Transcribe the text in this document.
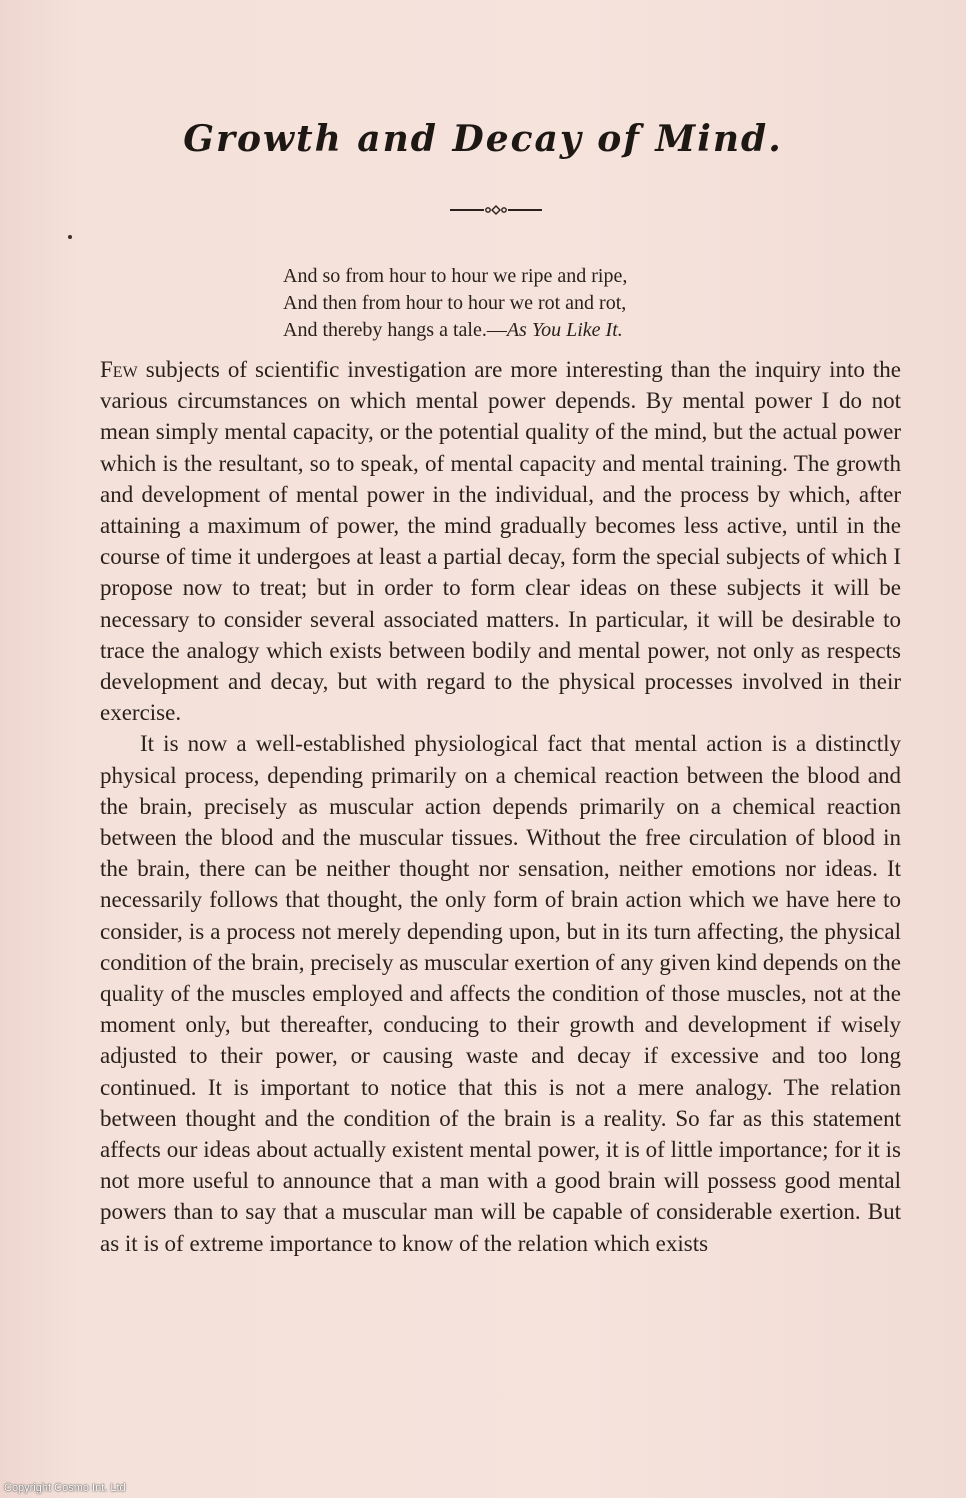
Growth and Decay of Mind.
And so from hour to hour we ripe and ripe,
And then from hour to hour we rot and rot,
And thereby hangs a tale.—As You Like It.

Few subjects of scientific investigation are more interesting than the inquiry into the various circumstances on which mental power depends. By mental power I do not mean simply mental capacity, or the potential quality of the mind, but the actual power which is the resultant, so to speak, of mental capacity and mental training. The growth and development of mental power in the individual, and the process by which, after attaining a maximum of power, the mind gradually becomes less active, until in the course of time it undergoes at least a partial decay, form the special subjects of which I propose now to treat; but in order to form clear ideas on these subjects it will be necessary to consider several associated matters. In particular, it will be desirable to trace the analogy which exists between bodily and mental power, not only as respects development and decay, but with regard to the physical processes involved in their exercise.

It is now a well-established physiological fact that mental action is a distinctly physical process, depending primarily on a chemical reaction between the blood and the brain, precisely as muscular action depends primarily on a chemical reaction between the blood and the muscular tissues. Without the free circulation of blood in the brain, there can be neither thought nor sensation, neither emotions nor ideas. It necessarily follows that thought, the only form of brain action which we have here to consider, is a process not merely depending upon, but in its turn affecting, the physical condition of the brain, precisely as muscular exertion of any given kind depends on the quality of the muscles employed and affects the condition of those muscles, not at the moment only, but thereafter, conducing to their growth and development if wisely adjusted to their power, or causing waste and decay if excessive and too long continued. It is important to notice that this is not a mere analogy. The relation between thought and the condition of the brain is a reality. So far as this statement affects our ideas about actually existent mental power, it is of little importance; for it is not more useful to announce that a man with a good brain will possess good mental powers than to say that a muscular man will be capable of considerable exertion. But as it is of extreme importance to know of the relation which exists

Copyright Cosmo Int. Ltd
